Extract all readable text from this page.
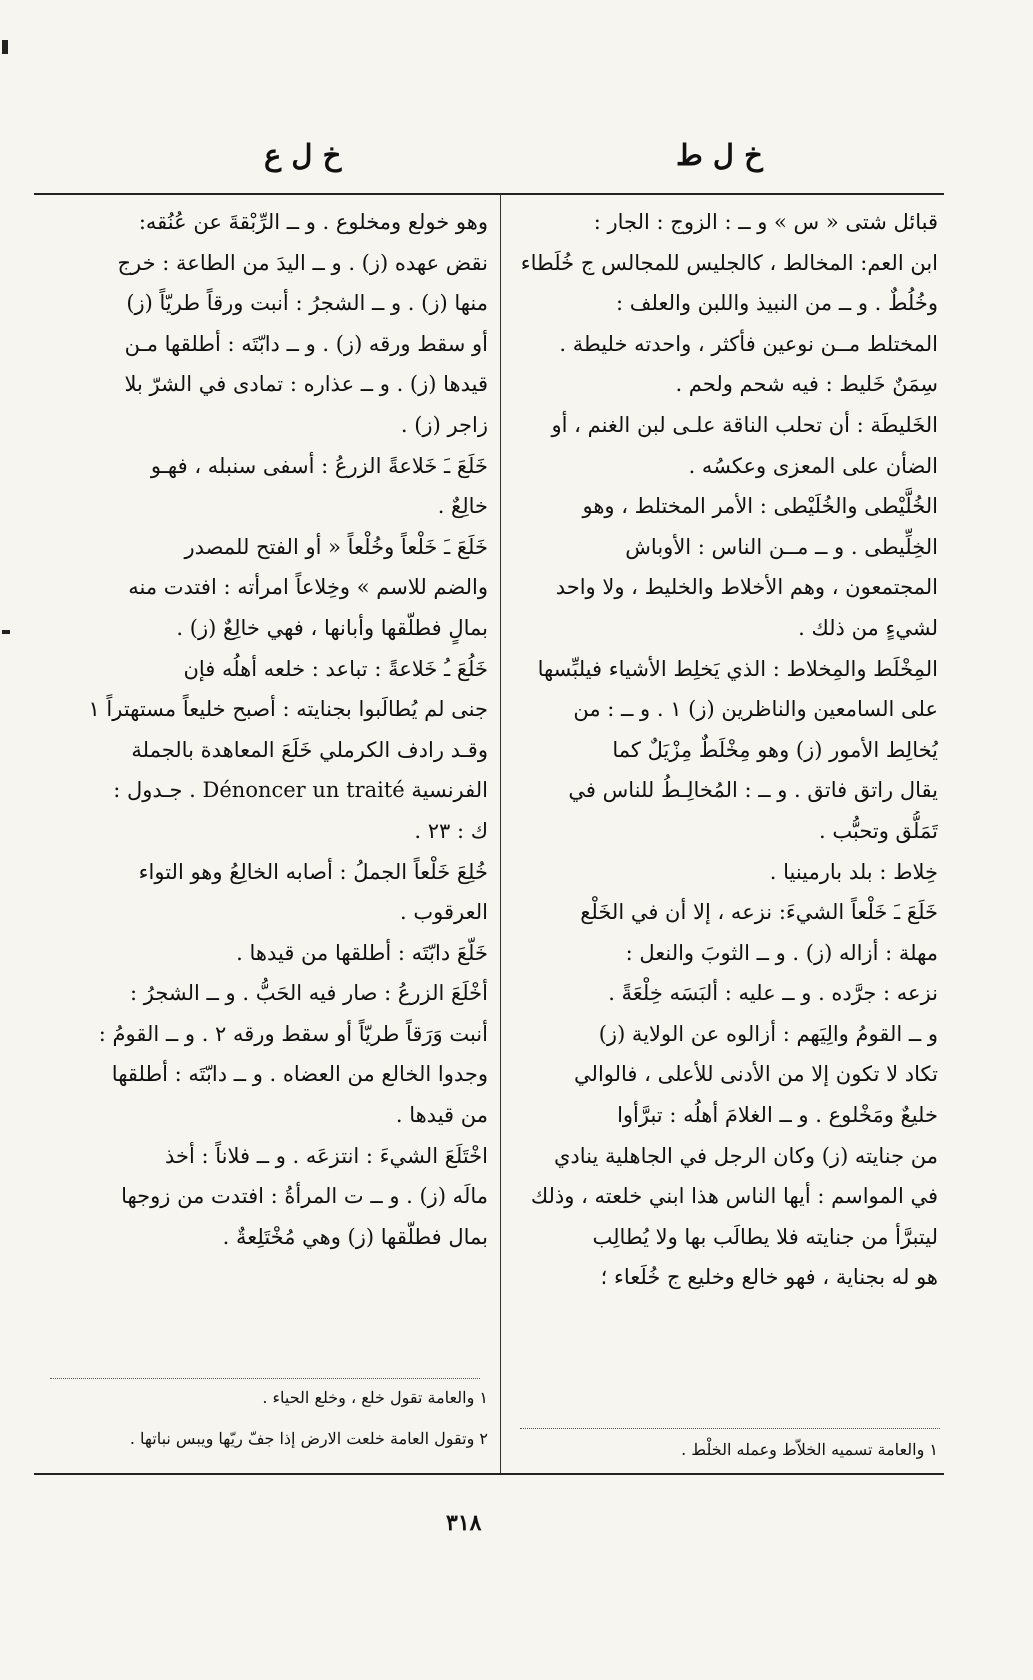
خ ل ط
خ ل ع
قبائل شتى « س » و ــ : الزوج : الجار :
ابن العم: المخالط ، كالجليس للمجالس ج خُلَطاء
وخُلُطٌ . و ــ من النبيذ واللبن والعلف :
المختلط مــن نوعين فأكثر ، واحدته خليطة .
سِمَنٌ خَليط : فيه شحم ولحم .
الخَليطَة : أن تحلب الناقة علـى لبن الغنم ، أو
الضأن على المعزى وعكسُه .
الخُلَّيْطى والخُلَيْطى : الأمر المختلط ، وهو
الخِلِّيطى . و ــ مــن الناس : الأوباش
المجتمعون ، وهم الأخلاط والخليط ، ولا واحد
لشيءٍ من ذلك .
المِخْلَط والمِخلاط : الذي يَخلِط الأشياء فيلبِّسها
على السامعين والناظرين (ز) ١ . و ــ : من
يُخالِط الأمور (ز) وهو مِخْلَطٌ مِزْيَلٌ كما
يقال راتق فاتق . و ــ : المُخالِـطُ للناس في
تَمَلُّق وتحبُّب .
خِلاط : بلد بارمينيا .
خَلَعَ ـَ خَلْعاً الشيءَ: نزعه ، إلا أن في الخَلْع
مهلة : أزاله (ز) . و ــ الثوبَ والنعل :
نزعه : جرَّده . و ــ عليه : ألبَسَه خِلْعَةً .
و ــ القومُ والِيَهم : أزالوه عن الولاية (ز)
تكاد لا تكون إلا من الأدنى للأعلى ، فالوالي
خليعٌ ومَخْلوع . و ــ الغلامَ أهلُه : تبرَّأوا
من جنايته (ز) وكان الرجل في الجاهلية ينادي
في المواسم : أيها الناس هذا ابني خلعته ، وذلك
ليتبرَّأ من جنايته فلا يطالَب بها ولا يُطالِب
هو له بجناية ، فهو خالع وخليع ج خُلَعاء ؛
وهو خولع ومخلوع . و ــ الرِّبْقةَ عن عُنُقه:
نقض عهده (ز) . و ــ اليدَ من الطاعة : خرج
منها (ز) . و ــ الشجرُ : أنبت ورقاً طريّاً (ز)
أو سقط ورقه (ز) . و ــ دابّتَه : أطلقها مـن
قيدها (ز) . و ــ عذاره : تمادى في الشرّ بلا
زاجر (ز) .
خَلَعَ ـَ خَلاعةً الزرعُ : أسفى سنبله ، فهـو
خالِعٌ .
خَلَعَ ـَ خَلْعاً وخُلْعاً « أو الفتح للمصدر
والضم للاسم » وخِلاعاً امرأته : افتدت منه
بمالٍ فطلّقها وأبانها ، فهي خالِعٌ (ز) .
خَلُعَ ـُ خَلاعةً : تباعد : خلعه أهلُه فإن
جنى لم يُطالَبوا بجنايته : أصبح خليعاً مستهتراً ١
وقـد رادف الكرملي خَلَعَ المعاهدة بالجملة
الفرنسية Dénoncer un traité . جـدول :
ك : ٢٣ .
خُلِعَ خَلْعاً الجملُ : أصابه الخالِعُ وهو التواء
العرقوب .
خَلّعَ دابّتَه : أطلقها من قيدها .
أخْلَعَ الزرعُ : صار فيه الحَبُّ . و ــ الشجرُ :
أنبت وَرَقاً طريّاً أو سقط ورقه ٢ . و ــ القومُ :
وجدوا الخالع من العضاه . و ــ دابّتَه : أطلقها
من قيدها .
اخْتَلَعَ الشيءَ : انتزعَه . و ــ فلاناً : أخذ
مالَه (ز) . و ــ ت المرأةُ : افتدت من زوجها
بمال فطلّقها (ز) وهي مُخْتَلِعةٌ .
١ والعامة تقول خلع ، وخلع الحياء .
٢ وتقول العامة خلعت الارض إذا جفّ ريّها ويبس نباتها .
١ والعامة تسميه الخلاّط وعمله الخلْط .
٣١٨
